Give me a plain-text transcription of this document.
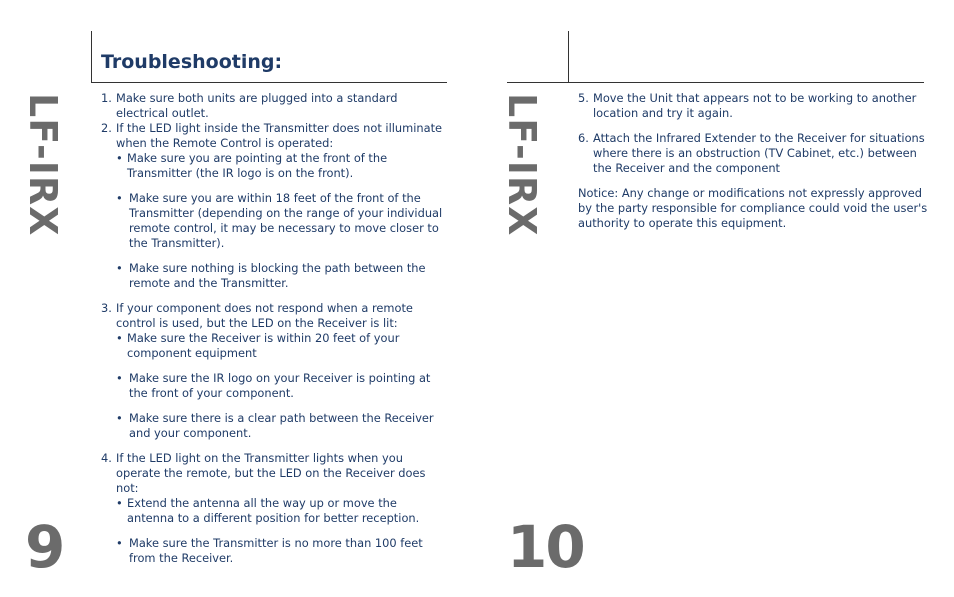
LF-IRX
9
Troubleshooting:
1. Make sure both units are plugged into a standard electrical outlet.
2. If the LED light inside the Transmitter does not illuminate when the Remote Control is operated:
• Make sure you are pointing at the front of the Transmitter (the IR logo is on the front).
• Make sure you are within 18 feet of the front of the Transmitter (depending on the range of your individual remote control, it may be necessary to move closer to the Transmitter).
• Make sure nothing is blocking the path between the remote and the Transmitter.
3. If your component does not respond when a remote control is used, but the LED on the Receiver is lit:
• Make sure the Receiver is within 20 feet of your component equipment
• Make sure the IR logo on your Receiver is pointing at the front of your component.
• Make sure there is a clear path between the Receiver and your component.
4. If the LED light on the Transmitter lights when you operate the remote, but the LED on the Receiver does not:
• Extend the antenna all the way up or move the antenna to a different position for better reception.
• Make sure the Transmitter is no more than 100 feet from the Receiver.
LF-IRX
10
5. Move the Unit that appears not to be working to another location and try it again.
6. Attach the Infrared Extender to the Receiver for situations where there is an obstruction (TV Cabinet, etc.) between the Receiver and the component
Notice: Any change or modifications not expressly approved by the party responsible for compliance could void the user's authority to operate this equipment.
